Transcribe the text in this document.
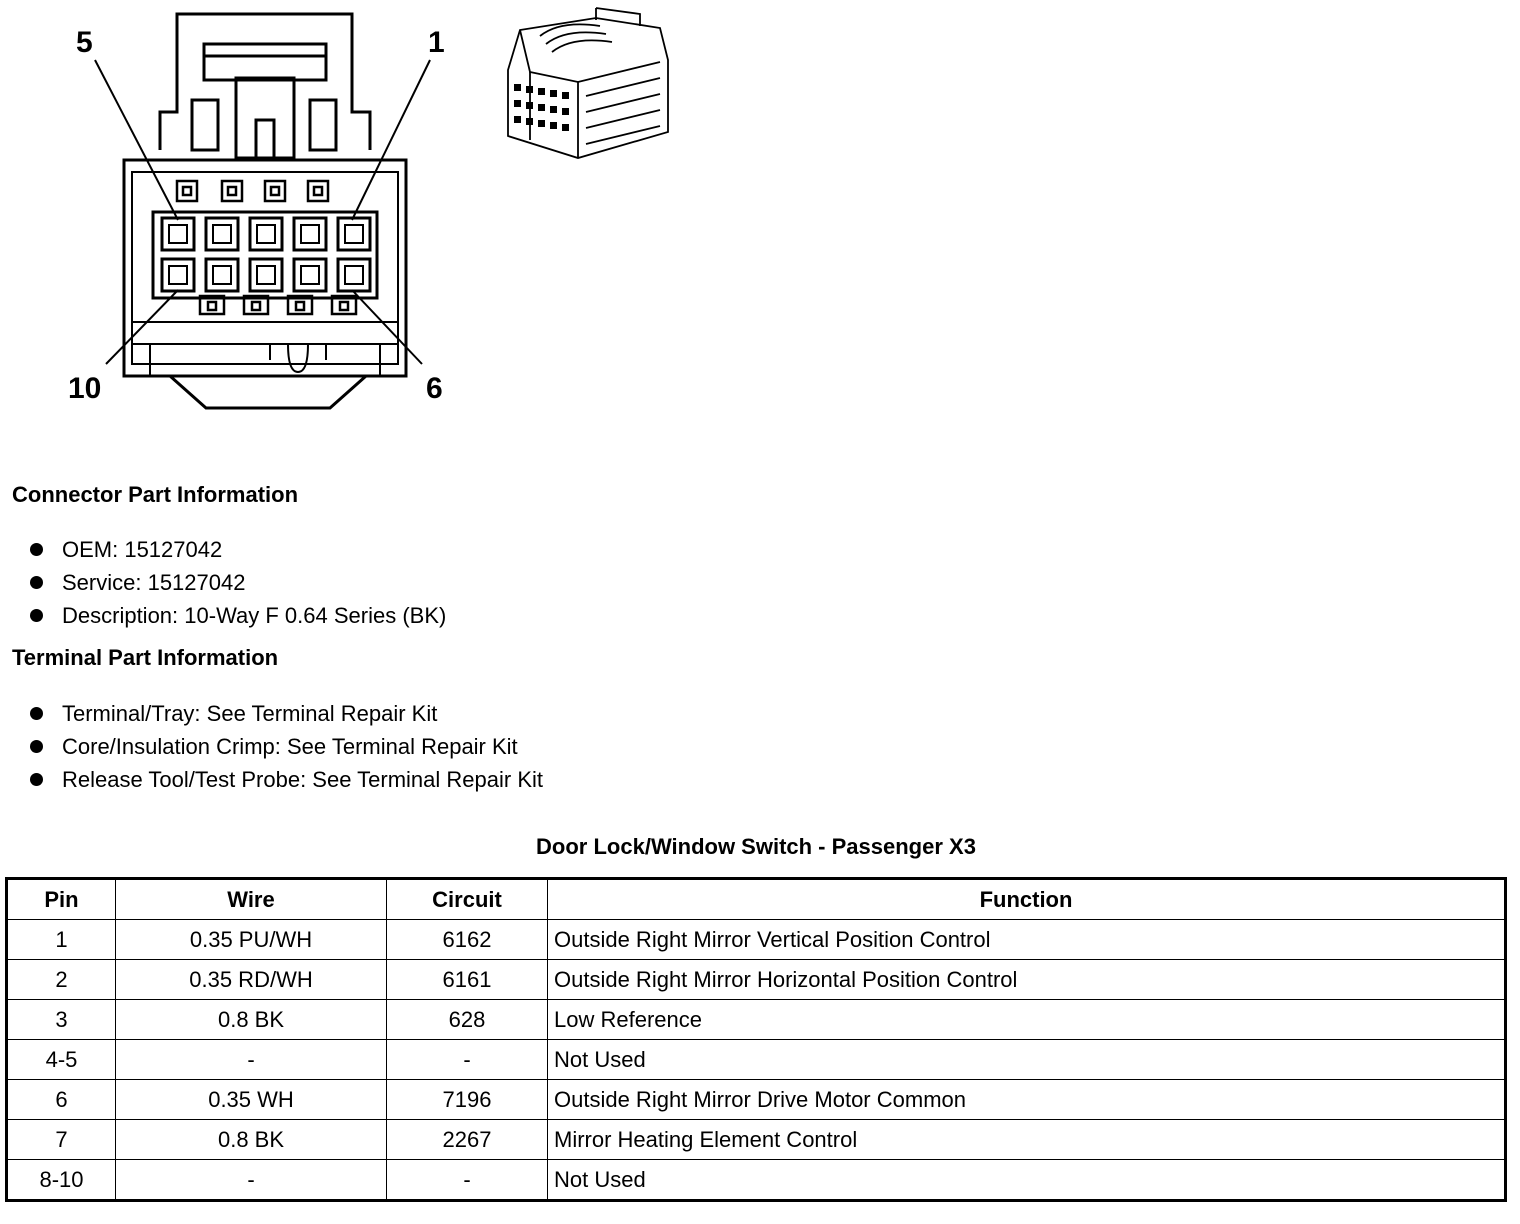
5	1
10	6
Connector Part Information
OEM: 15127042
Service: 15127042
Description: 10-Way F 0.64 Series (BK)
Terminal Part Information
Terminal/Tray: See Terminal Repair Kit
Core/Insulation Crimp: See Terminal Repair Kit
Release Tool/Test Probe: See Terminal Repair Kit
Door Lock/Window Switch - Passenger X3
Pin	Wire	Circuit	Function
1	0.35 PU/WH	6162	Outside Right Mirror Vertical Position Control
2	0.35 RD/WH	6161	Outside Right Mirror Horizontal Position Control
3	0.8 BK	628	Low Reference
4-5	-	-	Not Used
6	0.35 WH	7196	Outside Right Mirror Drive Motor Common
7	0.8 BK	2267	Mirror Heating Element Control
8-10	-	-	Not Used
